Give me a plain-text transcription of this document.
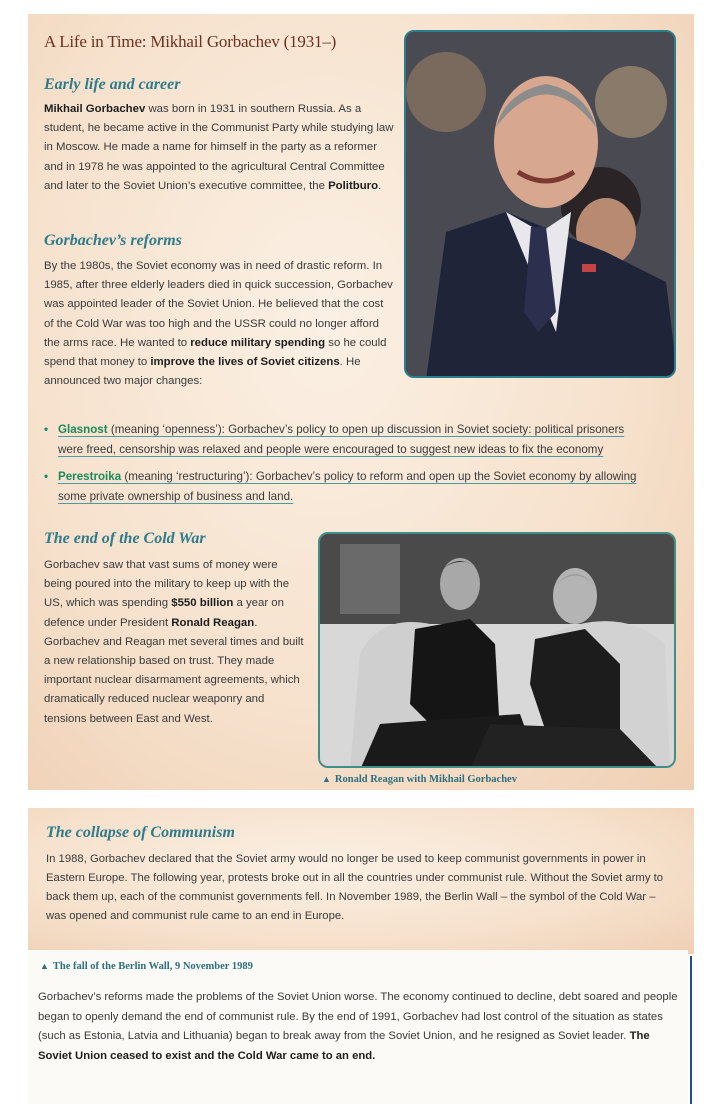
A Life in Time: Mikhail Gorbachev (1931–)
Early life and career
Mikhail Gorbachev was born in 1931 in southern Russia. As a student, he became active in the Communist Party while studying law in Moscow. He made a name for himself in the party as a reformer and in 1978 he was appointed to the agricultural Central Committee and later to the Soviet Union’s executive committee, the Politburo.
Gorbachev’s reforms
By the 1980s, the Soviet economy was in need of drastic reform. In 1985, after three elderly leaders died in quick succession, Gorbachev was appointed leader of the Soviet Union. He believed that the cost of the Cold War was too high and the USSR could no longer afford the arms race. He wanted to reduce military spending so he could spend that money to improve the lives of Soviet citizens. He announced two major changes:
• Glasnost (meaning ‘openness’): Gorbachev’s policy to open up discussion in Soviet society: political prisoners were freed, censorship was relaxed and people were encouraged to suggest new ideas to fix the economy
• Perestroika (meaning ‘restructuring’): Gorbachev’s policy to reform and open up the Soviet economy by allowing some private ownership of business and land.
The end of the Cold War
Gorbachev saw that vast sums of money were being poured into the military to keep up with the US, which was spending $550 billion a year on defence under President Ronald Reagan. Gorbachev and Reagan met several times and built a new relationship based on trust. They made important nuclear disarmament agreements, which dramatically reduced nuclear weaponry and tensions between East and West.
▲ Ronald Reagan with Mikhail Gorbachev
The collapse of Communism
In 1988, Gorbachev declared that the Soviet army would no longer be used to keep communist governments in power in Eastern Europe. The following year, protests broke out in all the countries under communist rule. Without the Soviet army to back them up, each of the communist governments fell. In November 1989, the Berlin Wall – the symbol of the Cold War – was opened and communist rule came to an end in Europe.
▲ The fall of the Berlin Wall, 9 November 1989
Gorbachev’s reforms made the problems of the Soviet Union worse. The economy continued to decline, debt soared and people began to openly demand the end of communist rule. By the end of 1991, Gorbachev had lost control of the situation as states (such as Estonia, Latvia and Lithuania) began to break away from the Soviet Union, and he resigned as Soviet leader. The Soviet Union ceased to exist and the Cold War came to an end.
